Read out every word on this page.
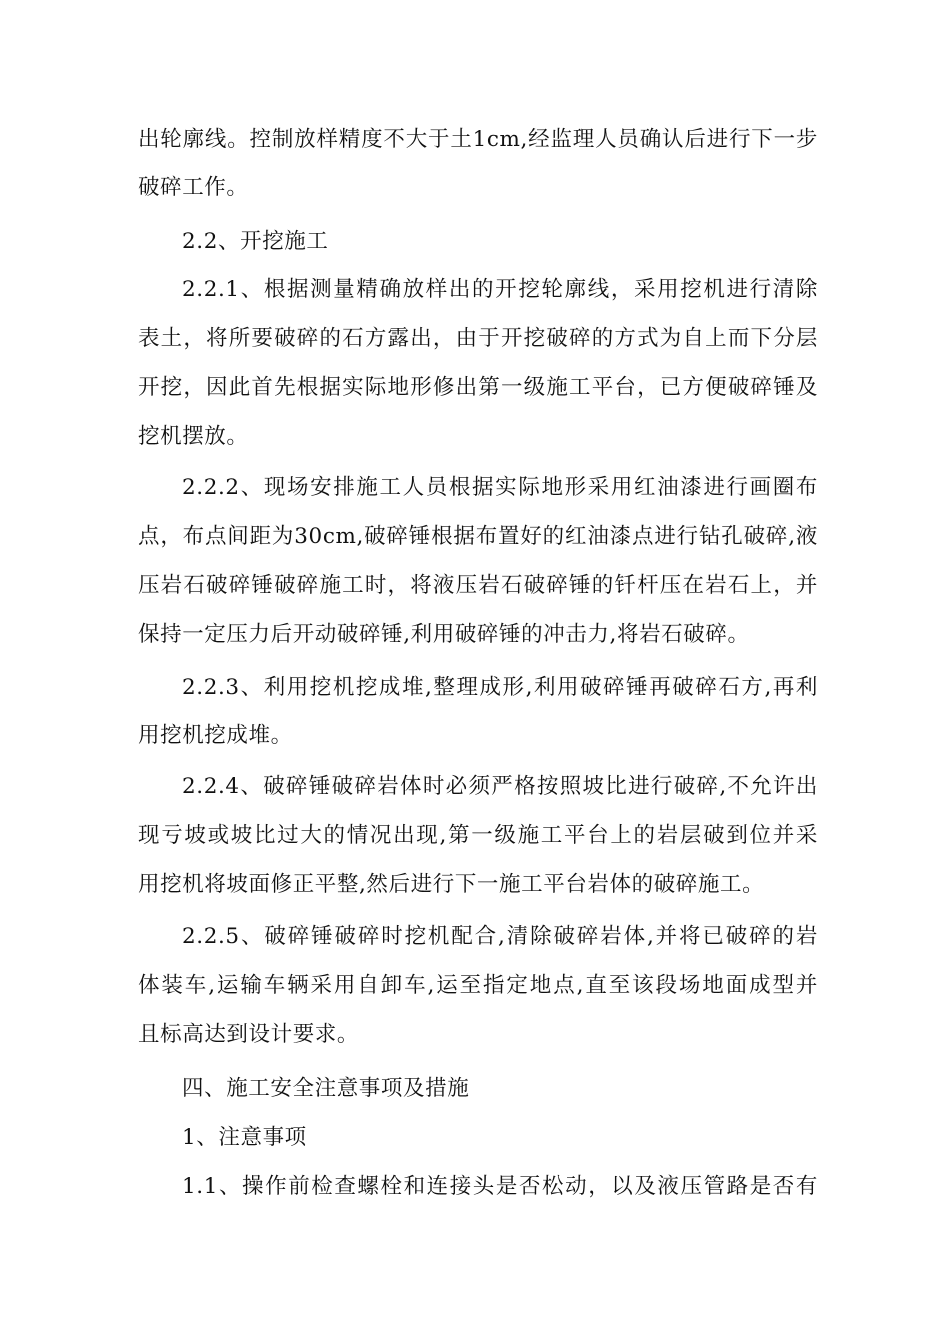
出轮廓线。控制放样精度不大于土1cm,经监理人员确认后进行下一步
破碎工作。
2.2、开挖施工
2.2.1、根据测量精确放样出的开挖轮廓线，采用挖机进行清除
表土，将所要破碎的石方露出，由于开挖破碎的方式为自上而下分层
开挖，因此首先根据实际地形修出第一级施工平台，已方便破碎锤及
挖机摆放。
2.2.2、现场安排施工人员根据实际地形采用红油漆进行画圈布
点，布点间距为30cm,破碎锤根据布置好的红油漆点进行钻孔破碎,液
压岩石破碎锤破碎施工时，将液压岩石破碎锤的钎杆压在岩石上，并
保持一定压力后开动破碎锤,利用破碎锤的冲击力,将岩石破碎。
2.2.3、利用挖机挖成堆,整理成形,利用破碎锤再破碎石方,再利
用挖机挖成堆。
2.2.4、破碎锤破碎岩体时必须严格按照坡比进行破碎,不允许出
现亏坡或坡比过大的情况出现,第一级施工平台上的岩层破到位并采
用挖机将坡面修正平整,然后进行下一施工平台岩体的破碎施工。
2.2.5、破碎锤破碎时挖机配合,清除破碎岩体,并将已破碎的岩
体装车,运输车辆采用自卸车,运至指定地点,直至该段场地面成型并
且标高达到设计要求。
四、施工安全注意事项及措施
1、注意事项
1.1、操作前检查螺栓和连接头是否松动，以及液压管路是否有
